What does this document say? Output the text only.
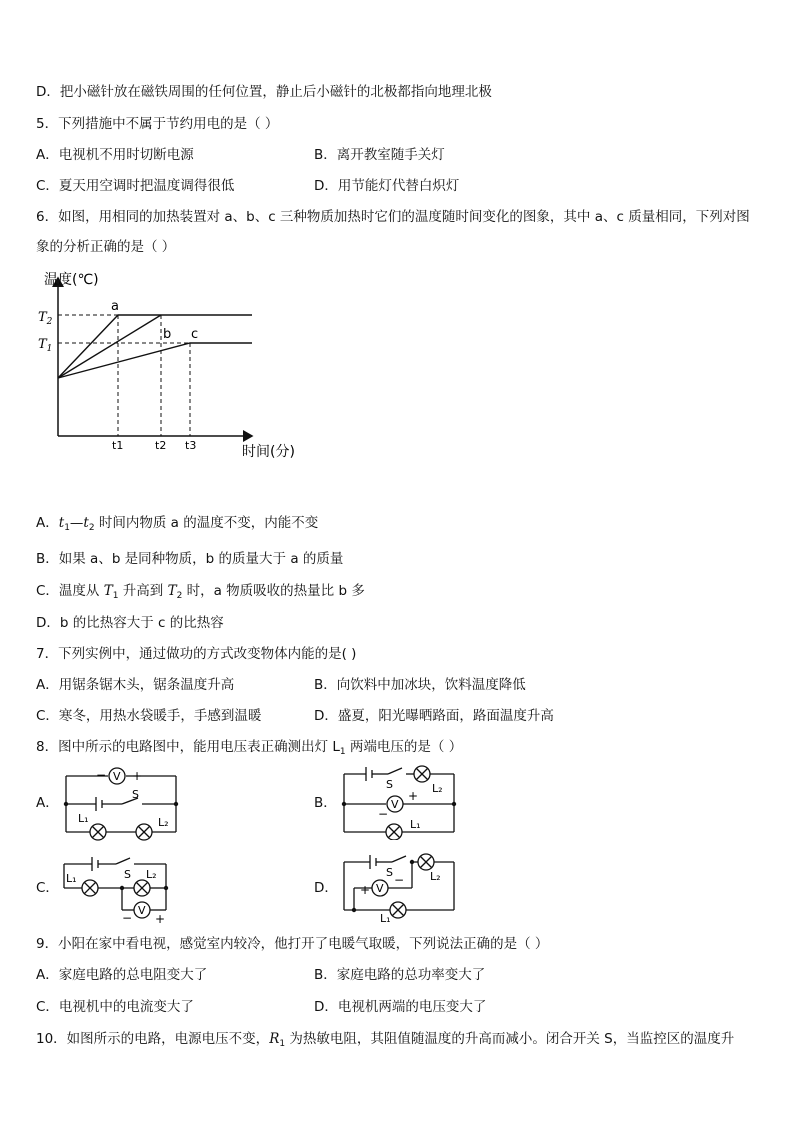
D．把小磁针放在磁铁周围的任何位置，静止后小磁针的北极都指向地理北极
5．下列措施中不属于节约用电的是（ ）
A．电视机不用时切断电源	B．离开教室随手关灯
C．夏天用空调时把温度调得很低	D．用节能灯代替白炽灯
6．如图，用相同的加热装置对 a、b、c 三种物质加热时它们的温度随时间变化的图象，其中 a、c 质量相同，下列对图
象的分析正确的是（ ）
温度(℃)
时间(分)
$T_2$
$T_1$
t1	t2 t3
a
b c
A．$t_1—t_2$ 时间内物质 a 的温度不变，内能不变
B．如果 a、b 是同种物质，b 的质量大于 a 的质量
C．温度从 $T_1$ 升高到 $T_2$ 时，a 物质吸收的热量比 b 多
D．b 的比热容大于 c 的比热容
7．下列实例中，通过做功的方式改变物体内能的是( )
A．用锯条锯木头，锯条温度升高	B．向饮料中加冰块，饮料温度降低
C．寒冬，用热水袋暖手，手感到温暖	D．盛夏，阳光曝晒路面，路面温度升高
8．图中所示的电路图中，能用电压表正确测出灯 $L_1$ 两端电压的是（ ）
A．
V
− +
S
L₁	L₂
B．	V
−
+
S	L₂
L₁
C．
V
− +
S
L₁	L₂
D．	V
+
−
S	L₂
L₁
9．小阳在家中看电视，感觉室内较冷，他打开了电暖气取暖，下列说法正确的是（ ）
A．家庭电路的总电阻变大了	B．家庭电路的总功率变大了
C．电视机中的电流变大了	D．电视机两端的电压变大了
10．如图所示的电路，电源电压不变，$R_1$ 为热敏电阻，其阻值随温度的升高而减小。闭合开关 S，当监控区的温度升
